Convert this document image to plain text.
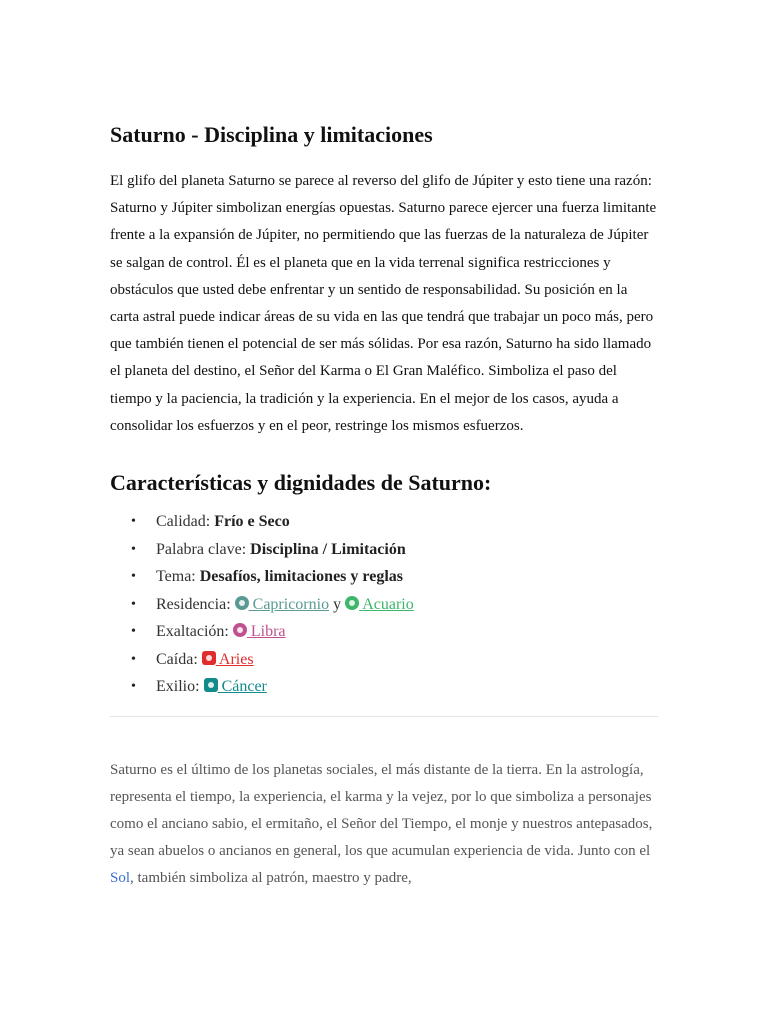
Saturno - Disciplina y limitaciones

El glifo del planeta Saturno se parece al reverso del glifo de Júpiter y esto tiene una razón: Saturno y Júpiter simbolizan energías opuestas. Saturno parece ejercer una fuerza limitante frente a la expansión de Júpiter, no permitiendo que las fuerzas de la naturaleza de Júpiter se salgan de control. Él es el planeta que en la vida terrenal significa restricciones y obstáculos que usted debe enfrentar y un sentido de responsabilidad. Su posición en la carta astral puede indicar áreas de su vida en las que tendrá que trabajar un poco más, pero que también tienen el potencial de ser más sólidas. Por esa razón, Saturno ha sido llamado el planeta del destino, el Señor del Karma o El Gran Maléfico. Simboliza el paso del tiempo y la paciencia, la tradición y la experiencia. En el mejor de los casos, ayuda a consolidar los esfuerzos y en el peor, restringe los mismos esfuerzos.

Características y dignidades de Saturno:
• Calidad: Frío e Seco
• Palabra clave: Disciplina / Limitación
• Tema: Desafíos, limitaciones y reglas
• Residencia: Capricornio y Acuario
• Exaltación: Libra
• Caída: Aries
• Exilio: Cáncer

Saturno es el último de los planetas sociales, el más distante de la tierra. En la astrología, representa el tiempo, la experiencia, el karma y la vejez, por lo que simboliza a personajes como el anciano sabio, el ermitaño, el Señor del Tiempo, el monje y nuestros antepasados, ya sean abuelos o ancianos en general, los que acumulan experiencia de vida. Junto con el Sol, también simboliza al patrón, maestro y padre,
